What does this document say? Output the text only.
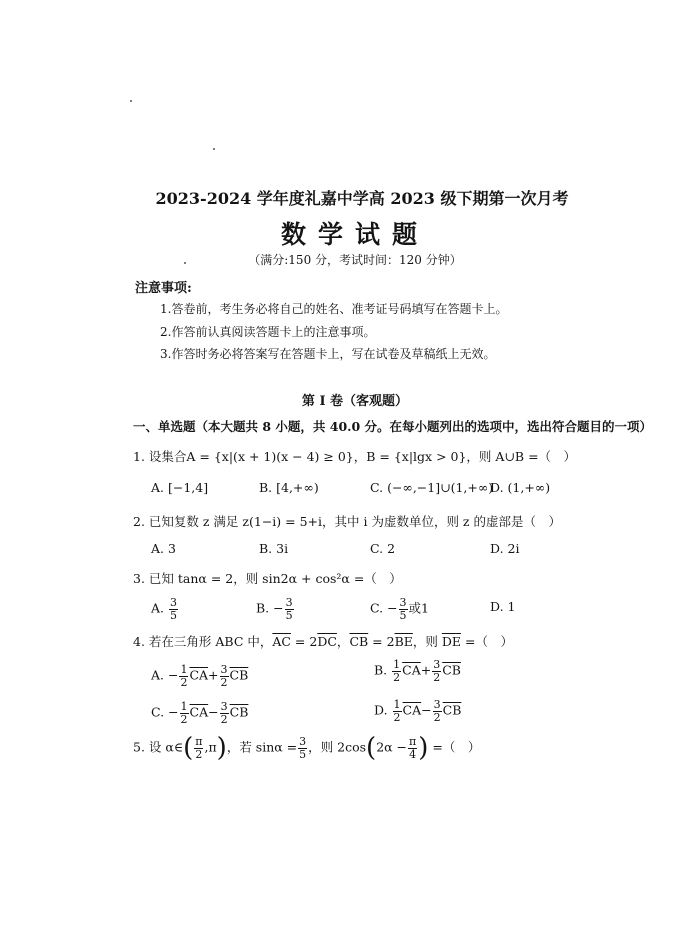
2023-2024 学年度礼嘉中学高 2023 级下期第一次月考
数学试题
（满分:150 分，考试时间：120 分钟）
注意事项:
1.答卷前，考生务必将自己的姓名、准考证号码填写在答题卡上。
2.作答前认真阅读答题卡上的注意事项。
3.作答时务必将答案写在答题卡上，写在试卷及草稿纸上无效。
第 I 卷（客观题）
一、单选题（本大题共 8 小题，共 40.0 分。在每小题列出的选项中，选出符合题目的一项）
1. 设集合A = {x|(x + 1)(x − 4) ≥ 0}，B = {x|lgx > 0}，则 A∪B =（　）
A. [−1,4]	B. [4,+∞)	C. (−∞,−1]∪(1,+∞)
D. (1,+∞)
2. 已知复数 z 满足 z(1−i) = 5+i，其中 i 为虚数单位，则 z 的虚部是（　）
A. 3	B. 3i	C. 2	D. 2i
3. 已知 tanα = 2，则 sin2α + cos²α =（　）
A. $\frac{3}{5}$	B. − $\frac{3}{5}$	C. − $\frac{3}{5}$ 或1	D. 1
4. 若在三角形 ABC 中，$\overline{AC} = 2\overline{DC}$，$\overline{CB} = 2\overline{BE}$，则 $\overline{DE}$ =（　）
A. − $\frac{1}{2} \overline{CA}+ \frac{3}{2} \overline{CB}$	B. $\frac{1}{2} \overline{CA}+ \frac{3}{2} \overline{CB}$
C. − $\frac{1}{2} \overline{CA}- \frac{3}{2} \overline{CB}$	D. $\frac{1}{2} \overline{CA}- \frac{3}{2} \overline{CB}$
5. 设 α∈( $\frac{\pi}{2} ,\pi$)，若 $\sin\alpha = \frac{3}{5}$ ，则 $2\cos(2\alpha - \frac{\pi}{4}$ ) =（　）
